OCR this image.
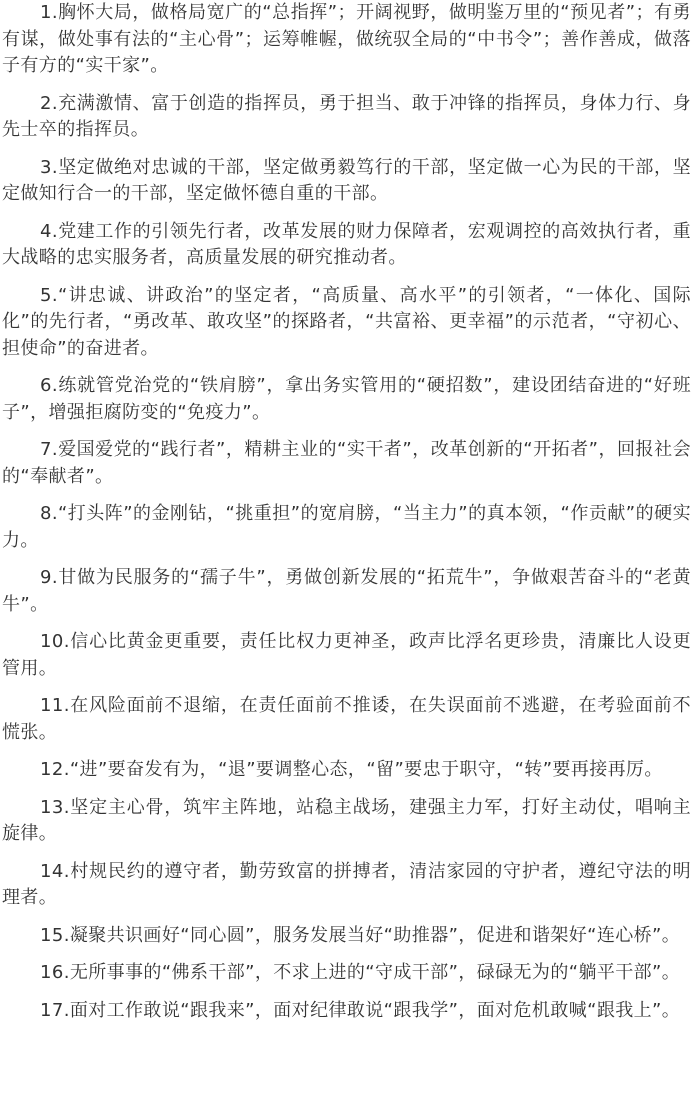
1.胸怀大局，做格局宽广的“总指挥”；开阔视野，做明鉴万里的“预见者”；有勇有谋，做处事有法的“主心骨”；运筹帷幄，做统驭全局的“中书令”；善作善成，做落子有方的“实干家”。

2.充满激情、富于创造的指挥员，勇于担当、敢于冲锋的指挥员，身体力行、身先士卒的指挥员。

3.坚定做绝对忠诚的干部，坚定做勇毅笃行的干部，坚定做一心为民的干部，坚定做知行合一的干部，坚定做怀德自重的干部。

4.党建工作的引领先行者，改革发展的财力保障者，宏观调控的高效执行者，重大战略的忠实服务者，高质量发展的研究推动者。

5.“讲忠诚、讲政治”的坚定者，“高质量、高水平”的引领者，“一体化、国际化”的先行者，“勇改革、敢攻坚”的探路者，“共富裕、更幸福”的示范者，“守初心、担使命”的奋进者。

6.练就管党治党的“铁肩膀”，拿出务实管用的“硬招数”，建设团结奋进的“好班子”，增强拒腐防变的“免疫力”。

7.爱国爱党的“践行者”，精耕主业的“实干者”，改革创新的“开拓者”，回报社会的“奉献者”。

8.“打头阵”的金刚钻，“挑重担”的宽肩膀，“当主力”的真本领，“作贡献”的硬实力。

9.甘做为民服务的“孺子牛”，勇做创新发展的“拓荒牛”，争做艰苦奋斗的“老黄牛”。

10.信心比黄金更重要，责任比权力更神圣，政声比浮名更珍贵，清廉比人设更管用。

11.在风险面前不退缩，在责任面前不推诿，在失误面前不逃避，在考验面前不慌张。

12.“进”要奋发有为，“退”要调整心态，“留”要忠于职守，“转”要再接再厉。

13.坚定主心骨，筑牢主阵地，站稳主战场，建强主力军，打好主动仗，唱响主旋律。

14.村规民约的遵守者，勤劳致富的拼搏者，清洁家园的守护者，遵纪守法的明理者。

15.凝聚共识画好“同心圆”，服务发展当好“助推器”，促进和谐架好“连心桥”。

16.无所事事的“佛系干部”，不求上进的“守成干部”，碌碌无为的“躺平干部”。

17.面对工作敢说“跟我来”，面对纪律敢说“跟我学”，面对危机敢喊“跟我上”。
